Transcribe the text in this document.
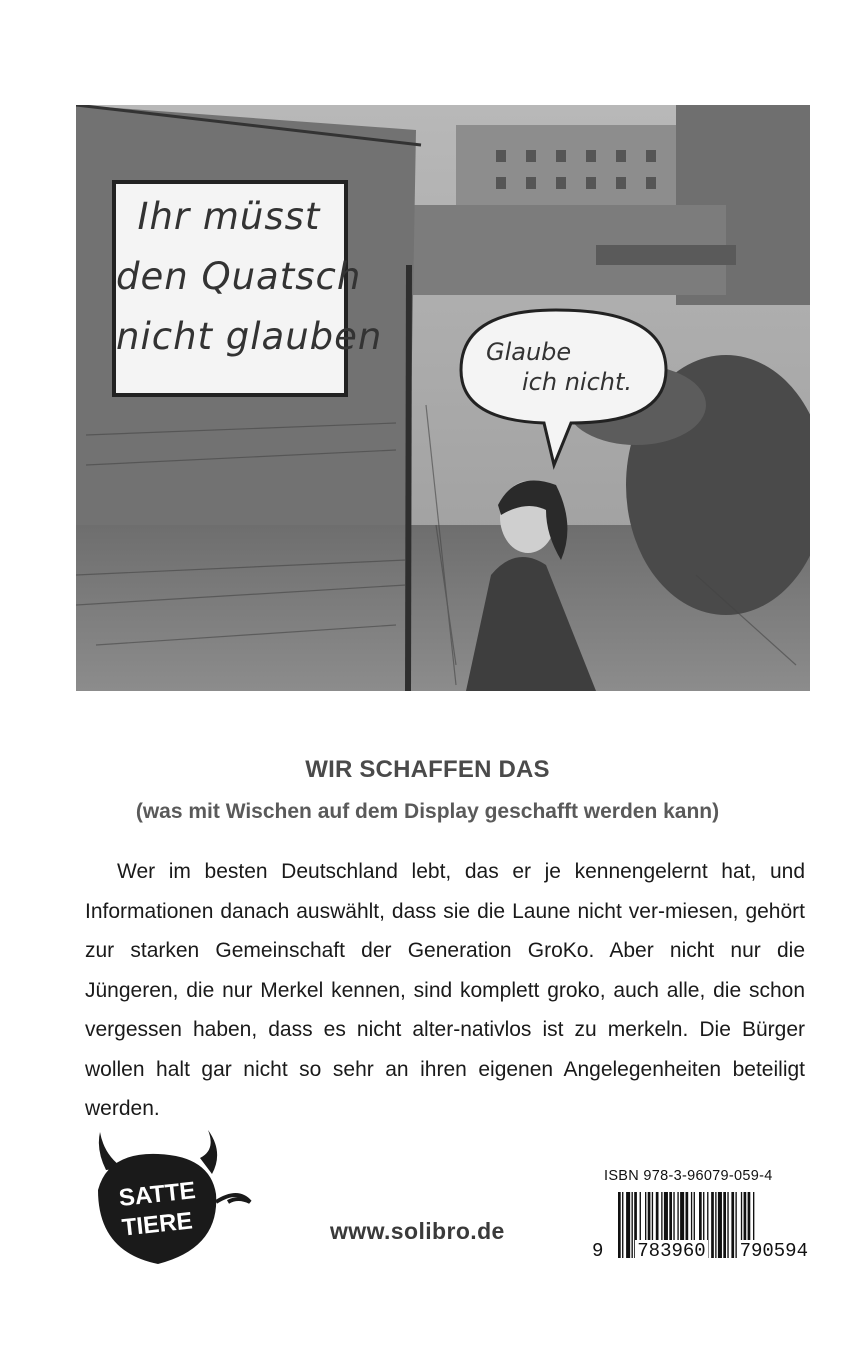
Ihr müsst
den Quatsch
nicht glauben	Glaube
ich nicht.
WIR SCHAFFEN DAS
(was mit Wischen auf dem Display geschafft werden kann)
Wer im besten Deutschland lebt, das er je kennengelernt hat, und Informationen danach auswählt, dass sie die Laune nicht ver-miesen, gehört zur starken Gemeinschaft der Generation GroKo. Aber nicht nur die Jüngeren, die nur Merkel kennen, sind komplett groko, auch alle, die schon vergessen haben, dass es nicht alter-nativlos ist zu merkeln. Die Bürger wollen halt gar nicht so sehr an ihren eigenen Angelegenheiten beteiligt werden.
SATTE
TIERE	www.solibro.de
ISBN 978-3-96079-059-4
9 783960 790594
